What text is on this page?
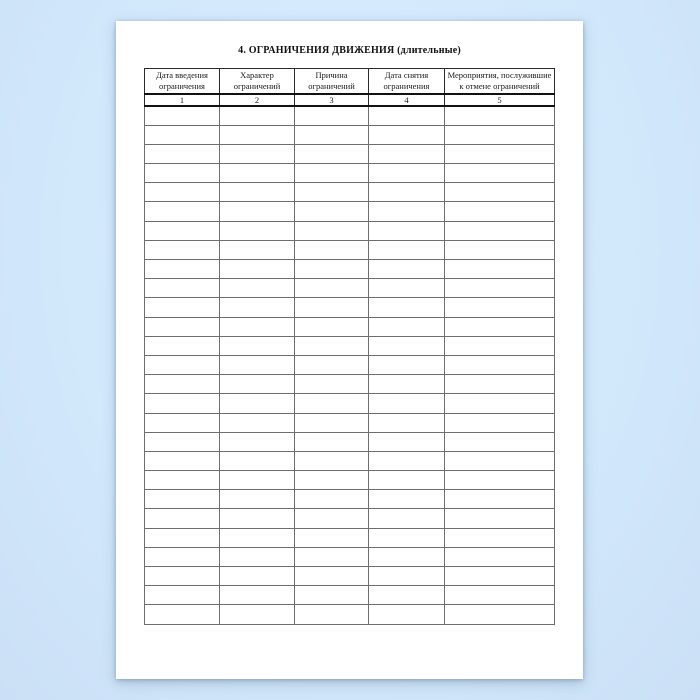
4. ОГРАНИЧЕНИЯ ДВИЖЕНИЯ (длительные)
Дата введения ограничения	Характер ограничений	Причина ограничений	Дата снятия ограничения	Мероприятия, послужившие к отмене ограничений
1	2	3	4	5
